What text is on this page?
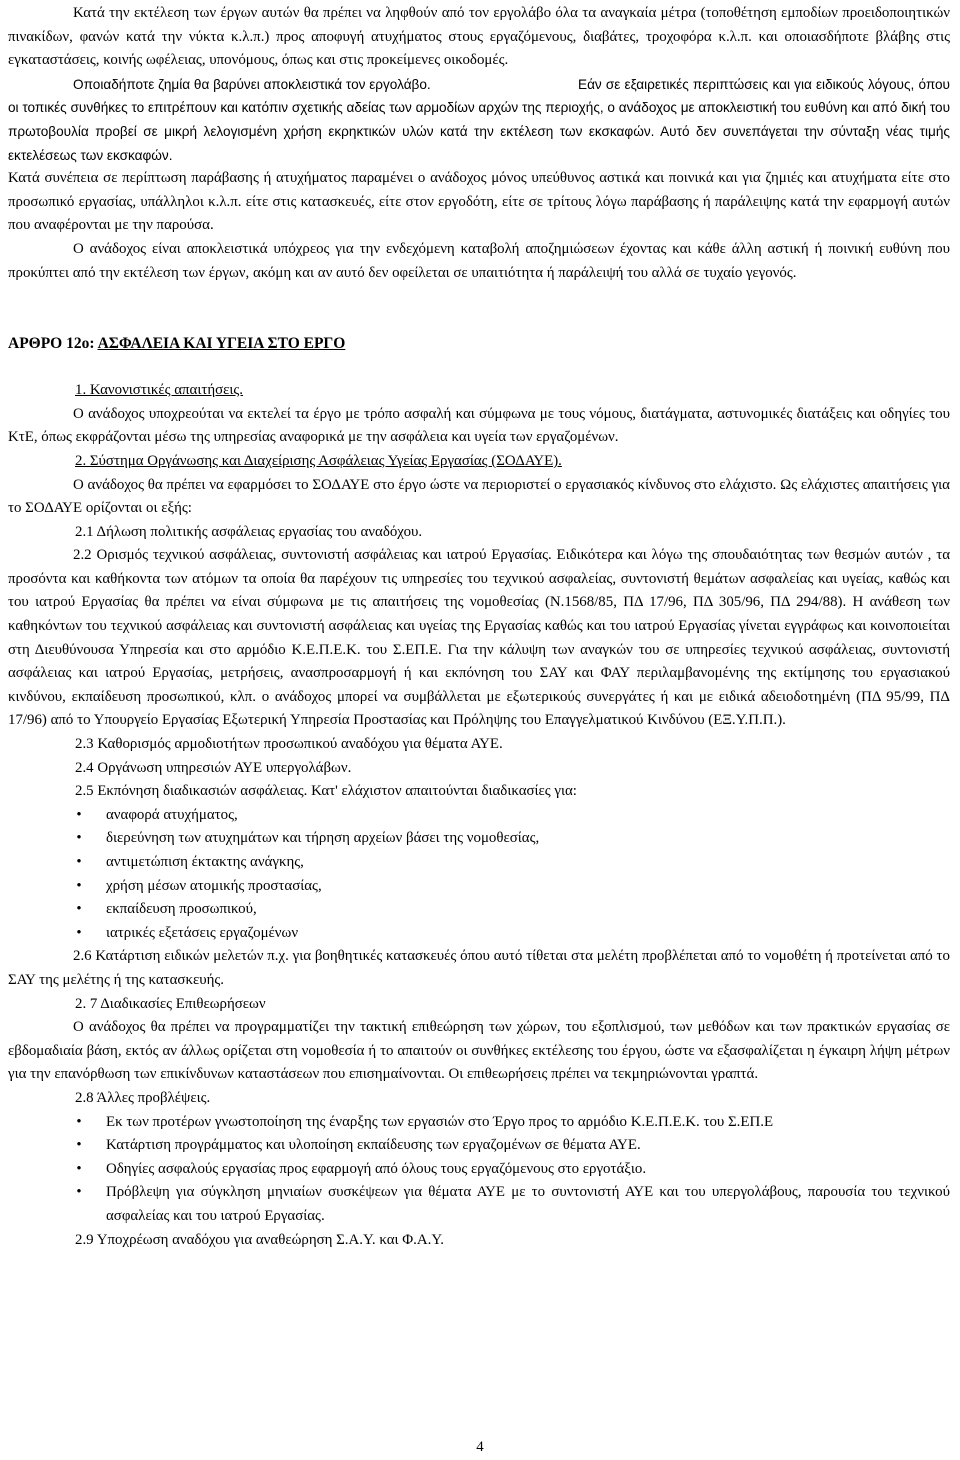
Κατά την εκτέλεση των έργων αυτών θα πρέπει να ληφθούν από τον εργολάβο όλα τα αναγκαία μέτρα (τοποθέτηση εμποδίων προειδοποιητικών πινακίδων, φανών κατά την νύκτα κ.λ.π.) προς αποφυγή ατυχήματος στους εργαζόμενους, διαβάτες, τροχοφόρα κ.λ.π. και οποιασδήποτε βλάβης στις εγκαταστάσεις, κοινής ωφέλειας, υπονόμους, όπως και στις προκείμενες οικοδομές.

Οποιαδήποτε ζημία θα βαρύνει αποκλειστικά τον εργολάβο.	Εάν σε εξαιρετικές περιπτώσεις και για ειδικούς λόγους, όπου οι τοπικές συνθήκες το επιτρέπουν και κατόπιν σχετικής αδείας των αρμοδίων αρχών της περιοχής, ο ανάδοχος με αποκλειστική του ευθύνη και από δική του πρωτοβουλία προβεί σε μικρή λελογισμένη χρήση εκρηκτικών υλών κατά την εκτέλεση των εκσκαφών. Αυτό δεν συνεπάγεται την σύνταξη νέας τιμής εκτελέσεως των εκσκαφών.

Κατά συνέπεια σε περίπτωση παράβασης ή ατυχήματος παραμένει ο ανάδοχος μόνος υπεύθυνος αστικά και ποινικά και για ζημιές και ατυχήματα είτε στο προσωπικό εργασίας, υπάλληλοι κ.λ.π. είτε στις κατασκευές, είτε στον εργοδότη, είτε σε τρίτους λόγω παράβασης ή παράλειψης κατά την εφαρμογή αυτών που αναφέρονται με την παρούσα.

Ο ανάδοχος είναι αποκλειστικά υπόχρεος για την ενδεχόμενη καταβολή αποζημιώσεων έχοντας και κάθε άλλη αστική ή ποινική ευθύνη που προκύπτει από την εκτέλεση των έργων, ακόμη και αν αυτό δεν οφείλεται σε υπαιτιότητα ή παράλειψή του αλλά σε τυχαίο γεγονός.

ΑΡΘΡΟ 12ο: ΑΣΦΑΛΕΙΑ ΚΑΙ ΥΓΕΙΑ ΣΤΟ ΕΡΓΟ

1. Κανονιστικές απαιτήσεις.

Ο ανάδοχος υποχρεούται να εκτελεί τα έργο με τρόπο ασφαλή και σύμφωνα με τους νόμους, διατάγματα, αστυνομικές διατάξεις και οδηγίες του ΚτΕ, όπως εκφράζονται μέσω της υπηρεσίας αναφορικά με την ασφάλεια και υγεία των εργαζομένων.

2. Σύστημα Οργάνωσης και Διαχείρισης Ασφάλειας Υγείας Εργασίας (ΣΟΔΑΥΕ).

Ο ανάδοχος θα πρέπει να εφαρμόσει το ΣΟΔΑΥΕ στο έργο ώστε να περιοριστεί ο εργασιακός κίνδυνος στο ελάχιστο. Ως ελάχιστες απαιτήσεις για το ΣΟΔΑΥΕ ορίζονται οι εξής:

2.1 Δήλωση πολιτικής ασφάλειας εργασίας του αναδόχου.

2.2 Ορισμός τεχνικού ασφάλειας, συντονιστή ασφάλειας και ιατρού Εργασίας. Ειδικότερα και λόγω της σπουδαιότητας των θεσμών αυτών , τα προσόντα και καθήκοντα των ατόμων τα οποία θα παρέχουν τις υπηρεσίες του τεχνικού ασφαλείας, συντονιστή θεμάτων ασφαλείας και υγείας, καθώς και του ιατρού Εργασίας θα πρέπει να είναι σύμφωνα με τις απαιτήσεις της νομοθεσίας (Ν.1568/85, ΠΔ 17/96, ΠΔ 305/96, ΠΔ 294/88). Η ανάθεση των καθηκόντων του τεχνικού ασφάλειας και συντονιστή ασφάλειας και υγείας της Εργασίας καθώς και του ιατρού Εργασίας γίνεται εγγράφως και κοινοποιείται στη Διευθύνουσα Υπηρεσία και στο αρμόδιο Κ.Ε.Π.Ε.Κ. του Σ.ΕΠ.Ε. Για την κάλυψη των αναγκών του σε υπηρεσίες τεχνικού ασφάλειας, συντονιστή ασφάλειας και ιατρού Εργασίας, μετρήσεις, ανασπροσαρμογή ή και εκπόνηση του ΣΑΥ και ΦΑΥ περιλαμβανομένης της εκτίμησης του εργασιακού κινδύνου, εκπαίδευση προσωπικού, κλπ. ο ανάδοχος μπορεί να συμβάλλεται με εξωτερικούς συνεργάτες ή και με ειδικά αδειοδοτημένη (ΠΔ 95/99, ΠΔ 17/96) από το Υπουργείο Εργασίας Εξωτερική Υπηρεσία Προστασίας και Πρόληψης του Επαγγελματικού Κινδύνου (ΕΞ.Υ.Π.Π.).

2.3 Καθορισμός αρμοδιοτήτων προσωπικού αναδόχου για θέματα ΑΥΕ.

2.4 Οργάνωση υπηρεσιών ΑΥΕ υπεργολάβων.

2.5 Εκπόνηση διαδικασιών ασφάλειας. Κατ' ελάχιστον απαιτούνται διαδικασίες για:

• αναφορά ατυχήματος,
• διερεύνηση των ατυχημάτων και τήρηση αρχείων βάσει της νομοθεσίας,
• αντιμετώπιση έκτακτης ανάγκης,
• χρήση μέσων ατομικής προστασίας,
• εκπαίδευση προσωπικού,
• ιατρικές εξετάσεις εργαζομένων

2.6 Κατάρτιση ειδικών μελετών π.χ. για βοηθητικές κατασκευές όπου αυτό τίθεται στα μελέτη προβλέπεται από το νομοθέτη ή προτείνεται από το ΣΑΥ της μελέτης ή της κατασκευής.

2. 7 Διαδικασίες Επιθεωρήσεων

Ο ανάδοχος θα πρέπει να προγραμματίζει την τακτική επιθεώρηση των χώρων, του εξοπλισμού, των μεθόδων και των πρακτικών εργασίας σε εβδομαδιαία βάση, εκτός αν άλλως ορίζεται στη νομοθεσία ή το απαιτούν οι συνθήκες εκτέλεσης του έργου, ώστε να εξασφαλίζεται η έγκαιρη λήψη μέτρων για την επανόρθωση των επικίνδυνων καταστάσεων που επισημαίνονται. Οι επιθεωρήσεις πρέπει να τεκμηριώνονται γραπτά.

2.8 Άλλες προβλέψεις.

• Εκ των προτέρων γνωστοποίηση της έναρξης των εργασιών στο Έργο προς το αρμόδιο Κ.Ε.Π.Ε.Κ. του Σ.ΕΠ.Ε
• Κατάρτιση προγράμματος και υλοποίηση εκπαίδευσης των εργαζομένων σε θέματα ΑΥΕ.
• Οδηγίες ασφαλούς εργασίας προς εφαρμογή από όλους τους εργαζόμενους στο εργοτάξιο.
• Πρόβλεψη για σύγκληση μηνιαίων συσκέψεων για θέματα ΑΥΕ με το συντονιστή ΑΥΕ και του υπεργολάβους, παρουσία του τεχνικού ασφαλείας και του ιατρού Εργασίας.

2.9 Υποχρέωση αναδόχου για αναθεώρηση Σ.Α.Υ. και Φ.Α.Υ.

4
